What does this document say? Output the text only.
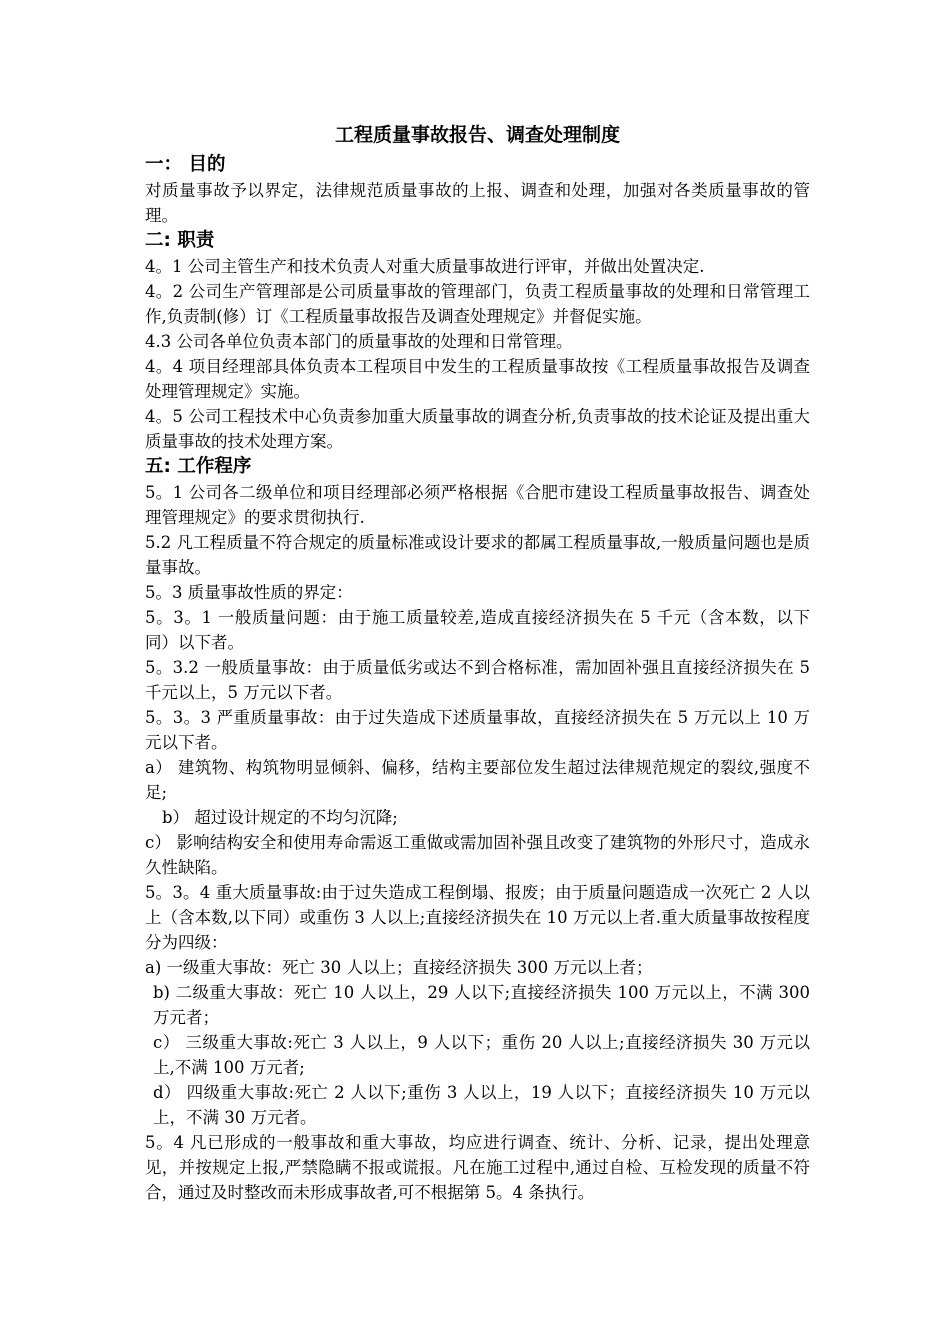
工程质量事故报告、调查处理制度
一： 目的

对质量事故予以界定，法律规范质量事故的上报、调查和处理，加强对各类质量事故的管理。

二: 职责

4。1 公司主管生产和技术负责人对重大质量事故进行评审，并做出处置决定.

4。2 公司生产管理部是公司质量事故的管理部门，负责工程质量事故的处理和日常管理工作,负责制(修）订《工程质量事故报告及调查处理规定》并督促实施。

4.3 公司各单位负责本部门的质量事故的处理和日常管理。

4。4 项目经理部具体负责本工程项目中发生的工程质量事故按《工程质量事故报告及调查处理管理规定》实施。

4。5 公司工程技术中心负责参加重大质量事故的调查分析,负责事故的技术论证及提出重大质量事故的技术处理方案。

五: 工作程序

5。1 公司各二级单位和项目经理部必须严格根据《合肥市建设工程质量事故报告、调查处理管理规定》的要求贯彻执行.

5.2 凡工程质量不符合规定的质量标准或设计要求的都属工程质量事故,一般质量问题也是质量事故。

5。3 质量事故性质的界定：

5。3。1 一般质量问题：由于施工质量较差,造成直接经济损失在 5 千元（含本数，以下同）以下者。

5。3.2 一般质量事故：由于质量低劣或达不到合格标准，需加固补强且直接经济损失在 5 千元以上，5 万元以下者。

5。3。3 严重质量事故：由于过失造成下述质量事故，直接经济损失在 5 万元以上 10 万元以下者。

a） 建筑物、构筑物明显倾斜、偏移，结构主要部位发生超过法律规范规定的裂纹,强度不足;

b） 超过设计规定的不均匀沉降;

c） 影响结构安全和使用寿命需返工重做或需加固补强且改变了建筑物的外形尺寸，造成永久性缺陷。

5。3。4 重大质量事故:由于过失造成工程倒塌、报废；由于质量问题造成一次死亡 2 人以上（含本数,以下同）或重伤 3 人以上;直接经济损失在 10 万元以上者.重大质量事故按程度分为四级：

a) 一级重大事故：死亡 30 人以上；直接经济损失 300 万元以上者；

b) 二级重大事故：死亡 10 人以上，29 人以下;直接经济损失 100 万元以上，不满 300 万元者；

c） 三级重大事故:死亡 3 人以上，9 人以下；重伤 20 人以上;直接经济损失 30 万元以上,不满 100 万元者;

d） 四级重大事故:死亡 2 人以下;重伤 3 人以上，19 人以下；直接经济损失 10 万元以上，不满 30 万元者。

5。4 凡已形成的一般事故和重大事故，均应进行调查、统计、分析、记录，提出处理意见，并按规定上报,严禁隐瞒不报或谎报。凡在施工过程中,通过自检、互检发现的质量不符合，通过及时整改而未形成事故者,可不根据第 5。4 条执行。
